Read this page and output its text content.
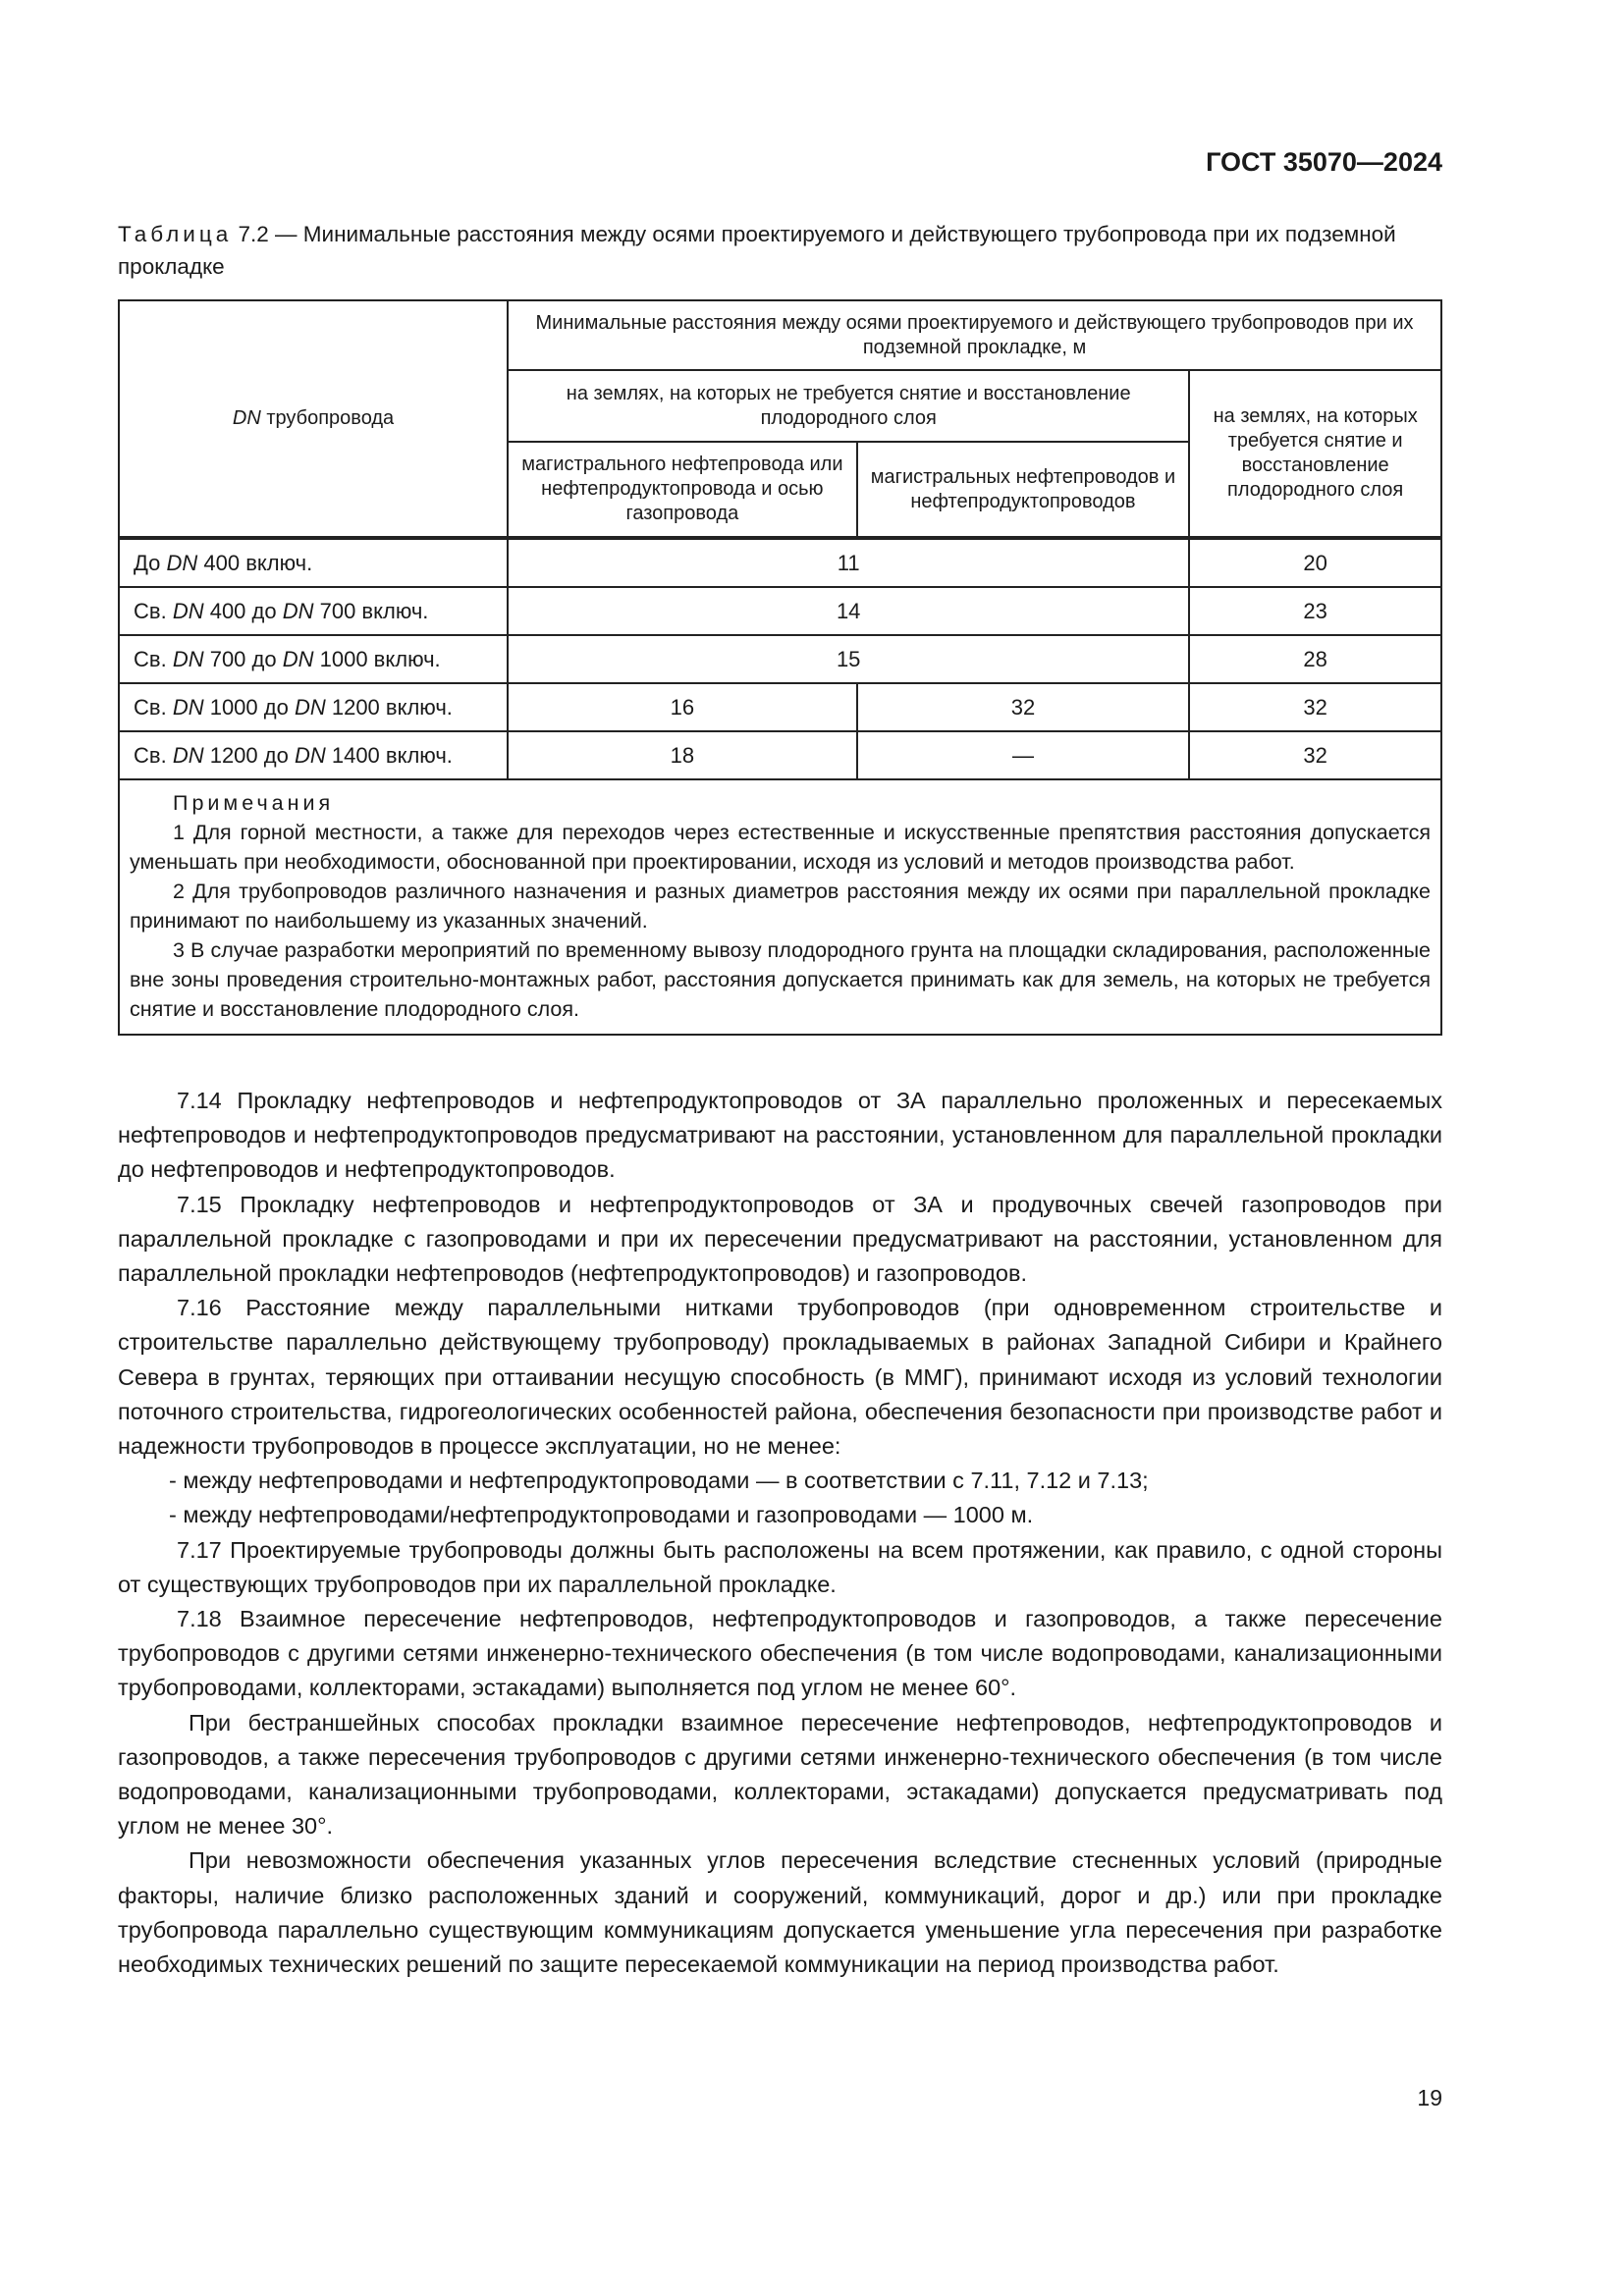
ГОСТ 35070—2024
Таблица 7.2 — Минимальные расстояния между осями проектируемого и действующего трубопровода при их подземной прокладке
DN трубопровода	Минимальные расстояния между осями проектируемого и действующего трубопроводов при их подземной прокладке, м		
	на землях, на которых не требуется снятие и восстановление плодородного слоя		на землях, на которых требуется снятие и восстановление плодородного слоя
	магистрального нефтепровода или нефтепродуктопровода и осью газопровода	магистральных нефтепроводов и нефтепродуктопроводов	
До DN 400 включ.	11		20
Св. DN 400 до DN 700 включ.	14		23
Св. DN 700 до DN 1000 включ.	15		28
Св. DN 1000 до DN 1200 включ.	16	32	32
Св. DN 1200 до DN 1400 включ.	18	—	32

Примечания

1 Для горной местности, а также для переходов через естественные и искусственные препятствия расстояния допускается уменьшать при необходимости, обоснованной при проектировании, исходя из условий и методов производства работ.

2 Для трубопроводов различного назначения и разных диаметров расстояния между их осями при параллельной прокладке принимают по наибольшему из указанных значений.

3 В случае разработки мероприятий по временному вывозу плодородного грунта на площадки складирования, расположенные вне зоны проведения строительно-монтажных работ, расстояния допускается принимать как для земель, на которых не требуется снятие и восстановление плодородного слоя.			

7.14 Прокладку нефтепроводов и нефтепродуктопроводов от ЗА параллельно проложенных и пересекаемых нефтепроводов и нефтепродуктопроводов предусматривают на расстоянии, установленном для параллельной прокладки до нефтепроводов и нефтепродуктопроводов.

7.15 Прокладку нефтепроводов и нефтепродуктопроводов от ЗА и продувочных свечей газопроводов при параллельной прокладке с газопроводами и при их пересечении предусматривают на расстоянии, установленном для параллельной прокладки нефтепроводов (нефтепродуктопроводов) и газопроводов.

7.16 Расстояние между параллельными нитками трубопроводов (при одновременном строительстве и строительстве параллельно действующему трубопроводу) прокладываемых в районах Западной Сибири и Крайнего Севера в грунтах, теряющих при оттаивании несущую способность (в ММГ), принимают исходя из условий технологии поточного строительства, гидрогеологических особенностей района, обеспечения безопасности при производстве работ и надежности трубопроводов в процессе эксплуатации, но не менее:

- между нефтепроводами и нефтепродуктопроводами — в соответствии с 7.11, 7.12 и 7.13;

- между нефтепроводами/нефтепродуктопроводами и газопроводами — 1000 м.

7.17 Проектируемые трубопроводы должны быть расположены на всем протяжении, как правило, с одной стороны от существующих трубопроводов при их параллельной прокладке.

7.18 Взаимное пересечение нефтепроводов, нефтепродуктопроводов и газопроводов, а также пересечение трубопроводов с другими сетями инженерно-технического обеспечения (в том числе водопроводами, канализационными трубопроводами, коллекторами, эстакадами) выполняется под углом не менее 60°.

При бестраншейных способах прокладки взаимное пересечение нефтепроводов, нефтепродуктопроводов и газопроводов, а также пересечения трубопроводов с другими сетями инженерно-технического обеспечения (в том числе водопроводами, канализационными трубопроводами, коллекторами, эстакадами) допускается предусматривать под углом не менее 30°.

При невозможности обеспечения указанных углов пересечения вследствие стесненных условий (природные факторы, наличие близко расположенных зданий и сооружений, коммуникаций, дорог и др.) или при прокладке трубопровода параллельно существующим коммуникациям допускается уменьшение угла пересечения при разработке необходимых технических решений по защите пересекаемой коммуникации на период производства работ.

19
